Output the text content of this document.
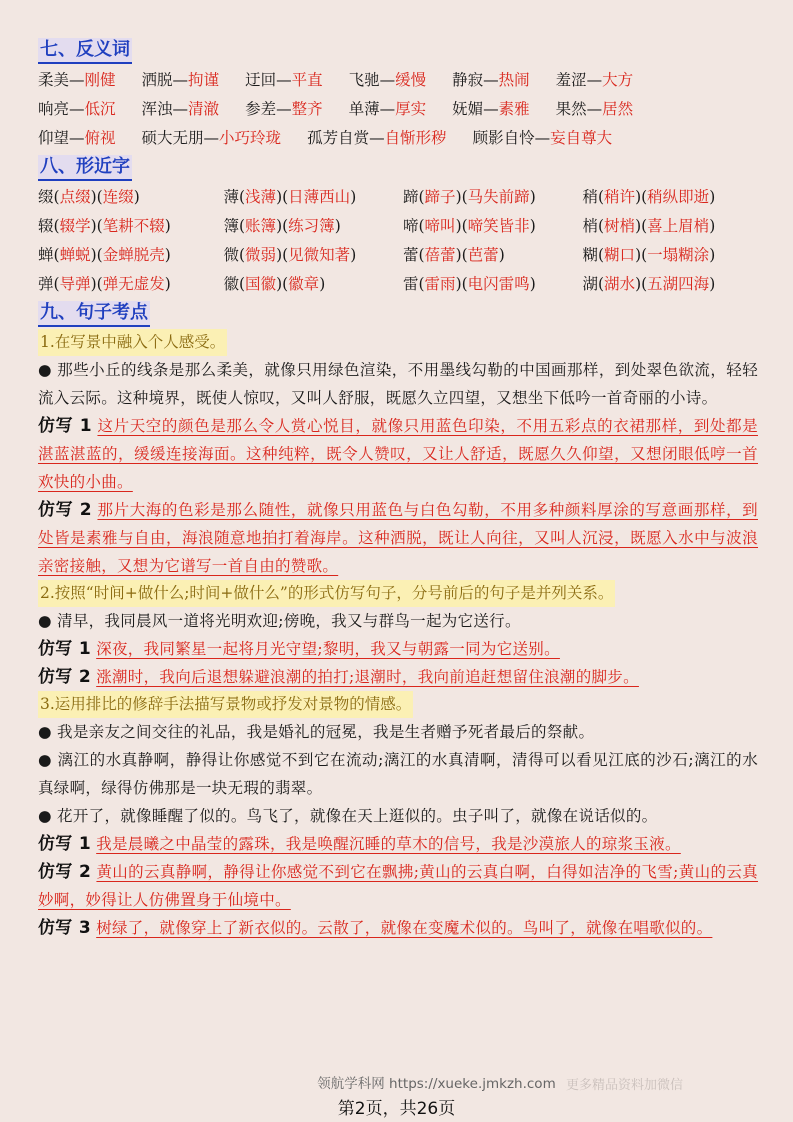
七、反义词
柔美—刚健 洒脱—拘谨 迂回—平直 飞驰—缓慢 静寂—热闹 羞涩—大方
响亮—低沉 浑浊—清澈 参差—整齐 单薄—厚实 妩媚—素雅 果然—居然
仰望—俯视 硕大无朋—小巧玲珑 孤芳自赏—自惭形秽 顾影自怜—妄自尊大
八、形近字
缀(点缀)(连缀)	薄(浅薄)(日薄西山)	蹄(蹄子)(马失前蹄)	稍(稍许)(稍纵即逝)
辍(辍学)(笔耕不辍)	簿(账簿)(练习簿)	啼(啼叫)(啼笑皆非)	梢(树梢)(喜上眉梢)
蝉(蝉蜕)(金蝉脱壳)	微(微弱)(见微知著)	蕾(蓓蕾)(芭蕾)	糊(糊口)(一塌糊涂)
弹(导弹)(弹无虚发)	徽(国徽)(徽章)	雷(雷雨)(电闪雷鸣)	湖(湖水)(五湖四海)
九、句子考点
1.在写景中融入个人感受。
● 那些小丘的线条是那么柔美，就像只用绿色渲染，不用墨线勾勒的中国画那样，到处翠色欲流，轻轻流入云际。这种境界，既使人惊叹，又叫人舒服，既愿久立四望，又想坐下低吟一首奇丽的小诗。
仿写 1 这片天空的颜色是那么令人赏心悦目，就像只用蓝色印染，不用五彩点的衣裙那样，到处都是湛蓝湛蓝的，缓缓连接海面。这种纯粹，既令人赞叹，又让人舒适，既愿久久仰望，又想闭眼低哼一首欢快的小曲。
仿写 2 那片大海的色彩是那么随性，就像只用蓝色与白色勾勒，不用多种颜料厚涂的写意画那样，到处皆是素雅与自由，海浪随意地拍打着海岸。这种洒脱，既让人向往，又叫人沉浸，既愿入水中与波浪亲密接触，又想为它谱写一首自由的赞歌。
2.按照“时间+做什么;时间+做什么”的形式仿写句子，分号前后的句子是并列关系。
● 清早，我同晨风一道将光明欢迎;傍晚，我又与群鸟一起为它送行。
仿写 1 深夜，我同繁星一起将月光守望;黎明，我又与朝露一同为它送别。
仿写 2 涨潮时，我向后退想躲避浪潮的拍打;退潮时，我向前追赶想留住浪潮的脚步。
3.运用排比的修辞手法描写景物或抒发对景物的情感。
● 我是亲友之间交往的礼品，我是婚礼的冠冕，我是生者赠予死者最后的祭献。
● 漓江的水真静啊，静得让你感觉不到它在流动;漓江的水真清啊，清得可以看见江底的沙石;漓江的水真绿啊，绿得仿佛那是一块无瑕的翡翠。
● 花开了，就像睡醒了似的。鸟飞了，就像在天上逛似的。虫子叫了，就像在说话似的。
仿写 1 我是晨曦之中晶莹的露珠，我是唤醒沉睡的草木的信号，我是沙漠旅人的琼浆玉液。
仿写 2 黄山的云真静啊，静得让你感觉不到它在飘拂;黄山的云真白啊，白得如洁净的飞雪;黄山的云真妙啊，妙得让人仿佛置身于仙境中。
仿写 3 树绿了，就像穿上了新衣似的。云散了，就像在变魔术似的。鸟叫了，就像在唱歌似的。
领航学科网 https://xueke.jmkzh.com 更多精品资料加微信
第2页，共26页
